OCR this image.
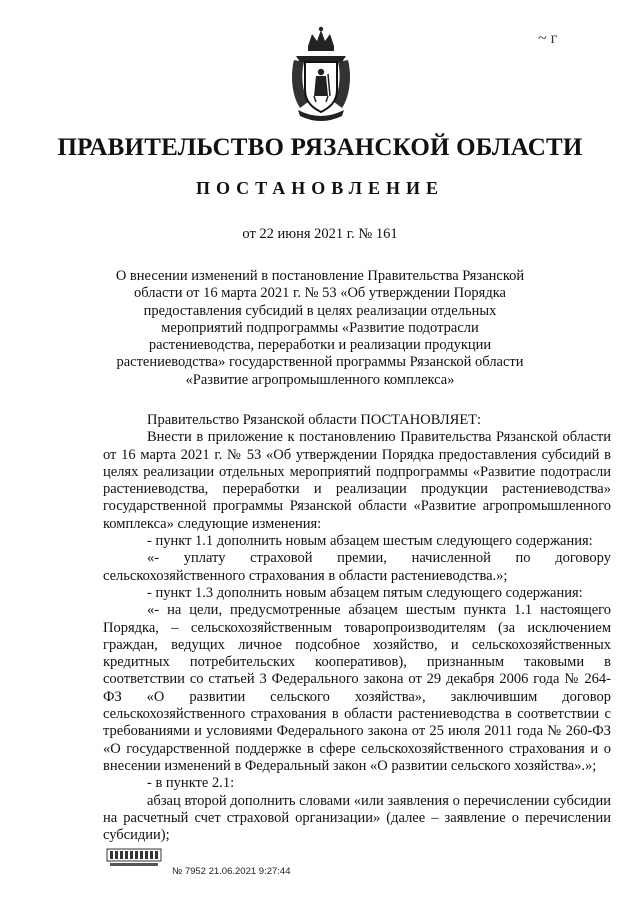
~ г
ПРАВИТЕЛЬСТВО РЯЗАНСКОЙ ОБЛАСТИ
ПОСТАНОВЛЕНИЕ
от 22 июня 2021 г. № 161
О внесении изменений в постановление Правительства Рязанской области от 16 марта 2021 г. № 53 «Об утверждении Порядка предоставления субсидий в целях реализации отдельных мероприятий подпрограммы «Развитие подотрасли растениеводства, переработки и реализации продукции растениеводства» государственной программы Рязанской области «Развитие агропромышленного комплекса»

Правительство Рязанской области ПОСТАНОВЛЯЕТ:

Внести в приложение к постановлению Правительства Рязанской области от 16 марта 2021 г. № 53 «Об утверждении Порядка предоставления субсидий в целях реализации отдельных мероприятий подпрограммы «Развитие подотрасли растениеводства, переработки и реализации продукции растениеводства» государственной программы Рязанской области «Развитие агропромышленного комплекса» следующие изменения:

- пункт 1.1 дополнить новым абзацем шестым следующего содержания:

«- уплату страховой премии, начисленной по договору сельскохозяйственного страхования в области растениеводства.»;

- пункт 1.3 дополнить новым абзацем пятым следующего содержания:

«- на цели, предусмотренные абзацем шестым пункта 1.1 настоящего Порядка, – сельскохозяйственным товаропроизводителям (за исключением граждан, ведущих личное подсобное хозяйство, и сельскохозяйственных кредитных потребительских кооперативов), признанным таковыми в соответствии со статьей 3 Федерального закона от 29 декабря 2006 года № 264-ФЗ «О развитии сельского хозяйства», заключившим договор сельскохозяйственного страхования в области растениеводства в соответствии с требованиями и условиями Федерального закона от 25 июля 2011 года № 260-ФЗ «О государственной поддержке в сфере сельскохозяйственного страхования и о внесении изменений в Федеральный закон «О развитии сельского хозяйства».»;

- в пункте 2.1:

абзац второй дополнить словами «или заявления о перечислении субсидии на расчетный счет страховой организации» (далее – заявление о перечислении субсидии);

№ 7952 21.06.2021 9:27:44
